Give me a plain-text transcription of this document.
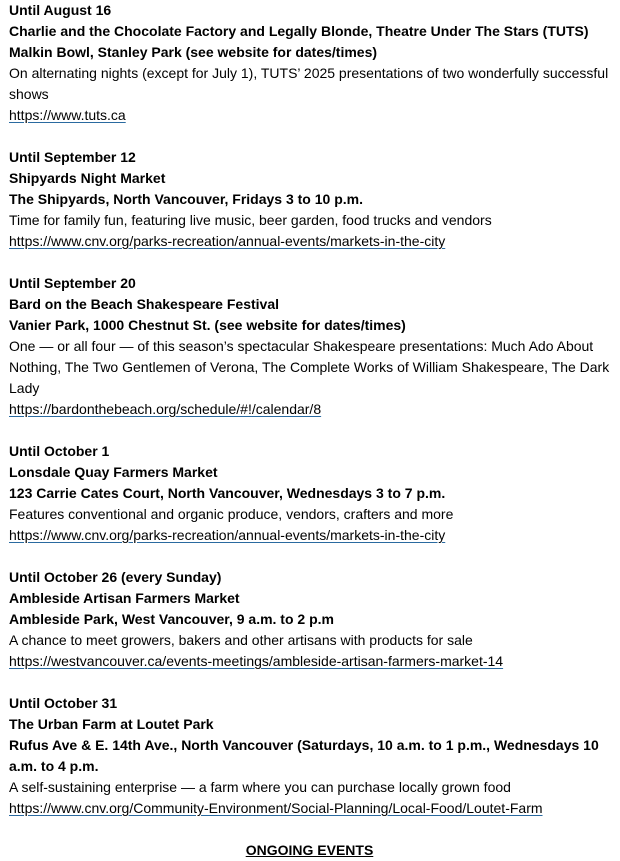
Until August 16
Charlie and the Chocolate Factory and Legally Blonde, Theatre Under The Stars (TUTS)
Malkin Bowl, Stanley Park (see website for dates/times)
On alternating nights (except for July 1), TUTS’ 2025 presentations of two wonderfully successful shows
https://www.tuts.ca
Until September 12
Shipyards Night Market
The Shipyards, North Vancouver, Fridays 3 to 10 p.m.
Time for family fun, featuring live music, beer garden, food trucks and vendors
https://www.cnv.org/parks-recreation/annual-events/markets-in-the-city
Until September 20
Bard on the Beach Shakespeare Festival
Vanier Park, 1000 Chestnut St. (see website for dates/times)
One — or all four — of this season’s spectacular Shakespeare presentations: Much Ado About Nothing, The Two Gentlemen of Verona, The Complete Works of William Shakespeare, The Dark Lady
https://bardonthebeach.org/schedule/#!/calendar/8
Until October 1
Lonsdale Quay Farmers Market
123 Carrie Cates Court, North Vancouver, Wednesdays 3 to 7 p.m.
Features conventional and organic produce, vendors, crafters and more
https://www.cnv.org/parks-recreation/annual-events/markets-in-the-city
Until October 26 (every Sunday)
Ambleside Artisan Farmers Market
Ambleside Park, West Vancouver, 9 a.m. to 2 p.m
A chance to meet growers, bakers and other artisans with products for sale
https://westvancouver.ca/events-meetings/ambleside-artisan-farmers-market-14
Until October 31
The Urban Farm at Loutet Park
Rufus Ave & E. 14th Ave., North Vancouver (Saturdays, 10 a.m. to 1 p.m., Wednesdays 10 a.m. to 4 p.m.
A self-sustaining enterprise — a farm where you can purchase locally grown food
https://www.cnv.org/Community-Environment/Social-Planning/Local-Food/Loutet-Farm
ONGOING EVENTS
